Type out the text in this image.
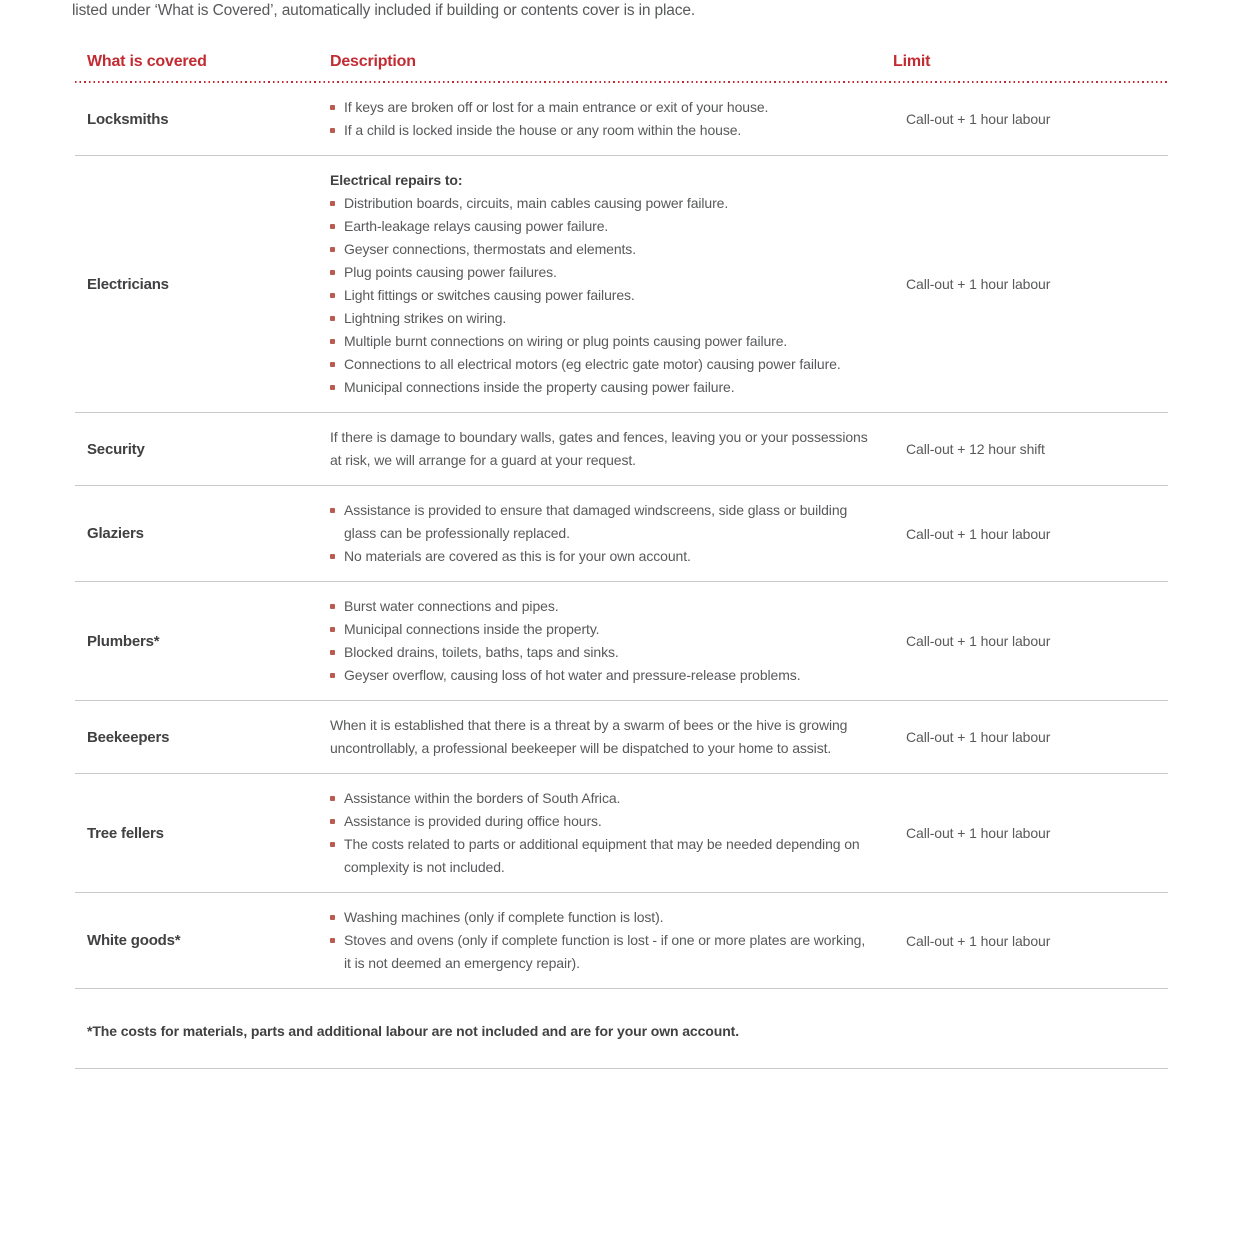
listed under ‘What is Covered’, automatically included if building or contents cover is in place.

What is covered	Description	Limit
Locksmiths
If keys are broken off or lost for a main entrance or exit of your house.
If a child is locked inside the house or any room within the house.
Call-out + 1 hour labour
Electricians

Electrical repairs to:

Distribution boards, circuits, main cables causing power failure.
Earth-leakage relays causing power failure.
Geyser connections, thermostats and elements.
Plug points causing power failures.
Light fittings or switches causing power failures.
Lightning strikes on wiring.
Multiple burnt connections on wiring or plug points causing power failure.
Connections to all electrical motors (eg electric gate motor) causing power failure.
Municipal connections inside the property causing power failure.
Call-out + 1 hour labour
Security

If there is damage to boundary walls, gates and fences, leaving you or your possessions at risk, we will arrange for a guard at your request.

Call-out + 12 hour shift
Glaziers
Assistance is provided to ensure that damaged windscreens, side glass or building glass can be professionally replaced.
No materials are covered as this is for your own account.
Call-out + 1 hour labour
Plumbers*
Burst water connections and pipes.
Municipal connections inside the property.
Blocked drains, toilets, baths, taps and sinks.
Geyser overflow, causing loss of hot water and pressure-release problems.
Call-out + 1 hour labour
Beekeepers

When it is established that there is a threat by a swarm of bees or the hive is growing uncontrollably, a professional beekeeper will be dispatched to your home to assist.

Call-out + 1 hour labour
Tree fellers
Assistance within the borders of South Africa.
Assistance is provided during office hours.
The costs related to parts or additional equipment that may be needed depending on complexity is not included.
Call-out + 1 hour labour
White goods*
Washing machines (only if complete function is lost).
Stoves and ovens (only if complete function is lost - if one or more plates are working, it is not deemed an emergency repair).
Call-out + 1 hour labour

*The costs for materials, parts and additional labour are not included and are for your own account.
